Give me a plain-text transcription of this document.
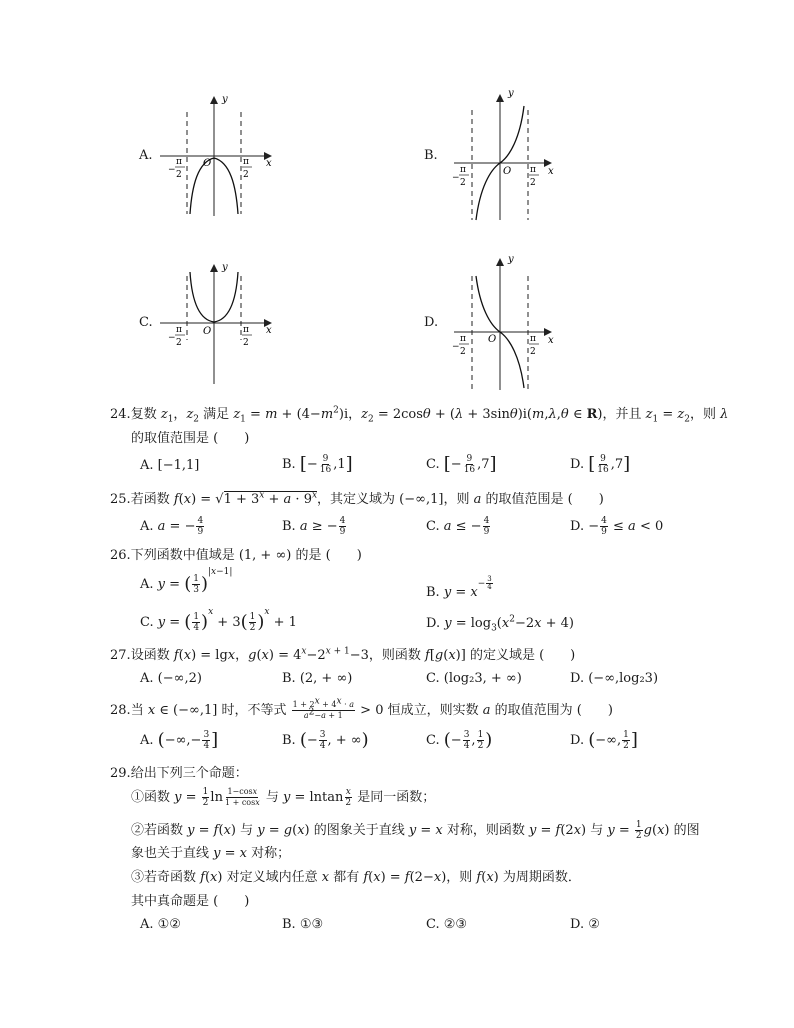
A.
y
x
O
−
π
2
π
2
B.
y
x
O
−
π
2
π
2
C.
y
x
O
−
π
2
π
2
D.
y
x
O
−
π
2
π
2
24.复数 $z_1$，$z_2$ 满足 $z_1 = m + (4-m^2)i$，$z_2 = 2\cos\theta + (\lambda + 3\sin\theta)i(m,\lambda,\theta$ ∈ R)，并且 $z_1 = z_2$，则 λ
的取值范围是 (　　)
A. [−1,1]	B. [− $\frac{9}{16} ,1$]	C. [− $\frac{9}{16} ,7$]	D. [ $\frac{9}{16} ,7$]
25.若函数 $f(x) = √1 + 3^x + a \cdot 9^x$，其定义域为 (−∞,1]，则 a 的取值范围是 (　　)
A. a = − $\frac{4}{9}$	B. a ≥ − $\frac{4}{9}$	C. a ≤ − $\frac{4}{9}$	D. − $\frac{4}{9} \le a < 0$
26.下列函数中值域是 (1, + ∞) 的是 (　　)
A. y = ( $\frac{1}{3} )^{|x-1|}$
B. $y = x^{- \frac{3}{4}}$
C. y = ( $\frac{1}{4} )^x + 3( \frac{1}{2} )^x + 1$	D. $y = \log_3(x^2-2x + 4)$
27.设函数 f(x) = lgx，$g(x) = 4^x-2^{x + 1}-3$，则函数 f[g(x)] 的定义域是 (　　)
A. (−∞,2)	B. (2, + ∞)	C. (log₂3, + ∞)	D. (−∞,log₂3)
28.当 x ∈ (−∞,1] 时，不等式 $\frac{1 + 2^x + 4^x \cdot a}{a^2-a + 1} > 0$ 恒成立，则实数 a 的取值范围为 (　　)
A. (−∞,− $\frac{3}{4}$ ]	B. (− $\frac{3}{4}$ , + ∞)	C. (− $\frac{3}{4}$ , $\frac{1}{2}$ )	D. (−∞, $\frac{1}{2}$ ]
29.给出下列三个命题：
①函数 $y = \frac{1}{2}$ $\ln \frac{1-\cos x}{1 + \cos x}$ 与 y = lntan $\frac{x}{2}$ 是同一函数；
②若函数 y = f(x) 与 y = g(x) 的图象关于直线 y = x 对称，则函数 y = f(2x) 与 $y = \frac{1}{2} g(x)$ 的图
象也关于直线 y = x 对称；
③若奇函数 f(x) 对定义域内任意 x 都有 f(x) = f(2−x)，则 f(x) 为周期函数．
其中真命题是 (　　)
A. ①②	B. ①③	C. ②③	D. ②
